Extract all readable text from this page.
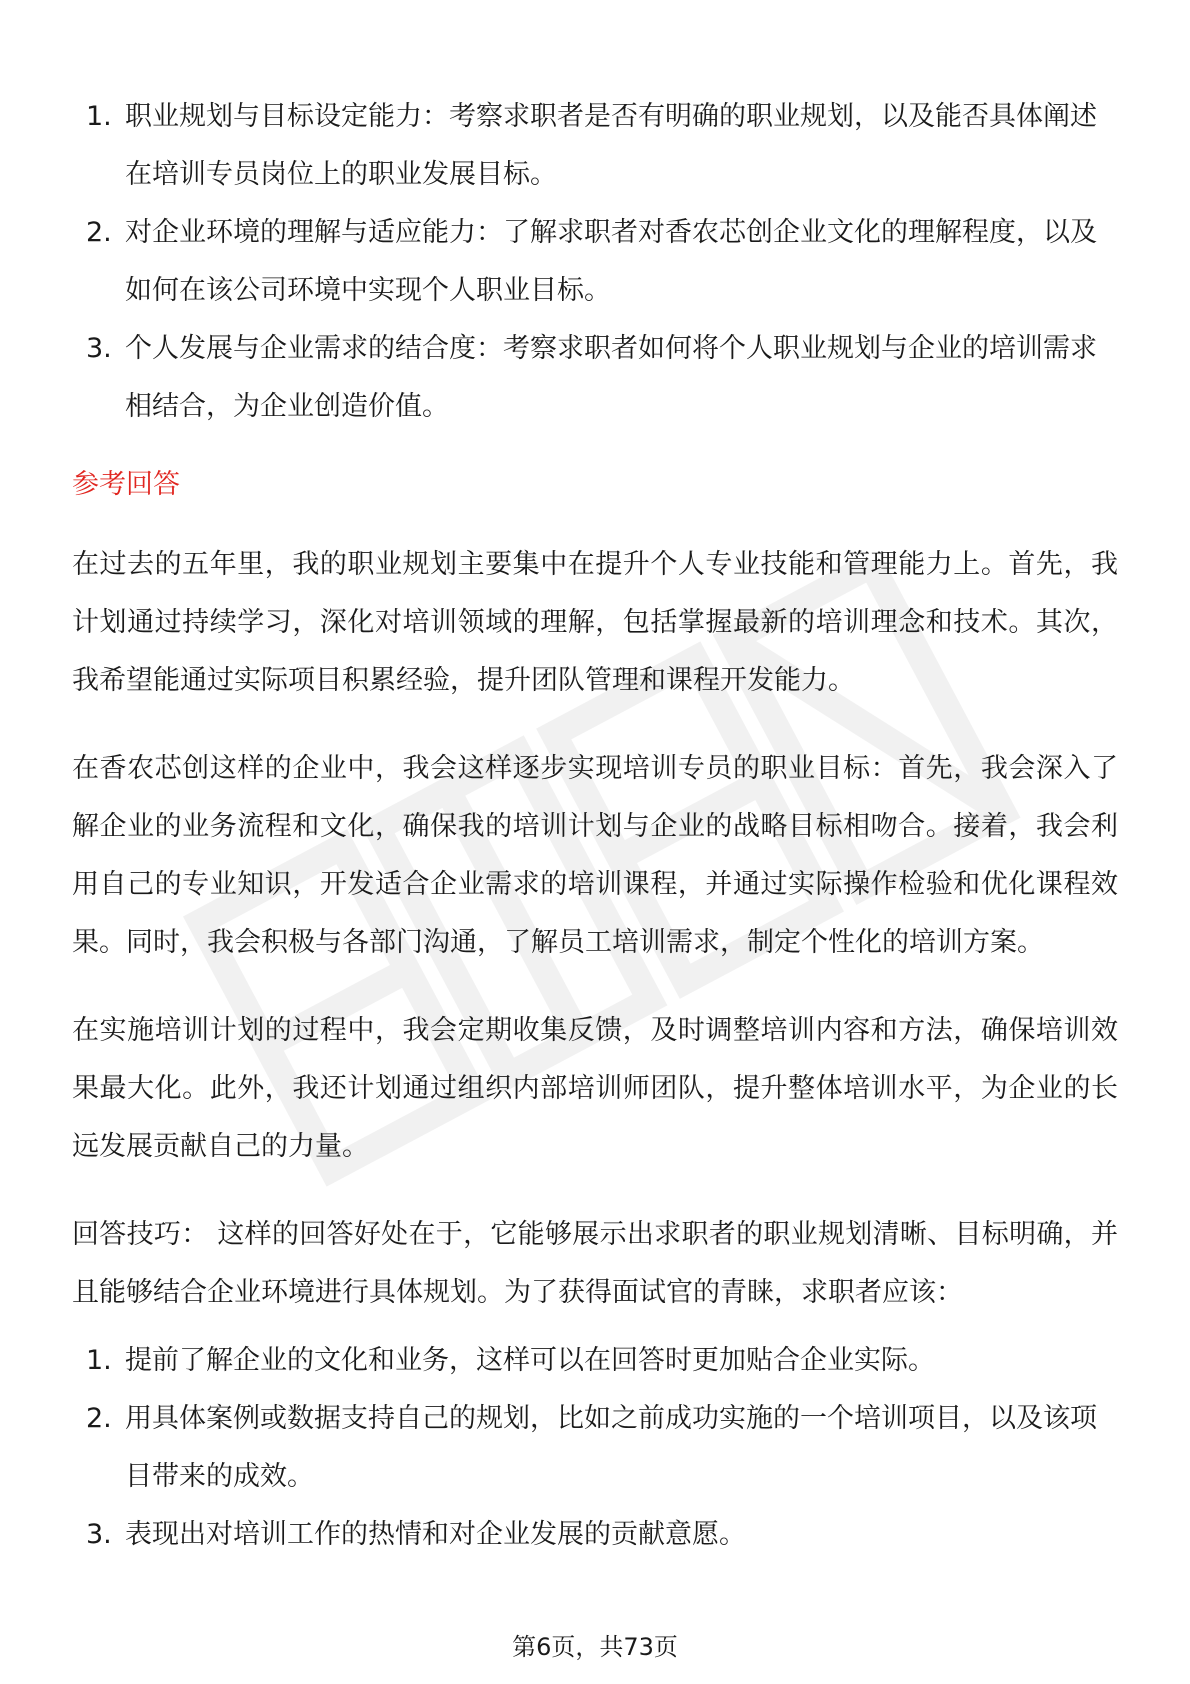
1. 职业规划与目标设定能力：考察求职者是否有明确的职业规划，以及能否具体阐述在培训专员岗位上的职业发展目标。
2. 对企业环境的理解与适应能力：了解求职者对香农芯创企业文化的理解程度，以及如何在该公司环境中实现个人职业目标。
3. 个人发展与企业需求的结合度：考察求职者如何将个人职业规划与企业的培训需求相结合，为企业创造价值。
参考回答

在过去的五年里，我的职业规划主要集中在提升个人专业技能和管理能力上。首先，我计划通过持续学习，深化对培训领域的理解，包括掌握最新的培训理念和技术。其次，我希望能通过实际项目积累经验，提升团队管理和课程开发能力。

在香农芯创这样的企业中，我会这样逐步实现培训专员的职业目标：首先，我会深入了解企业的业务流程和文化，确保我的培训计划与企业的战略目标相吻合。接着，我会利用自己的专业知识，开发适合企业需求的培训课程，并通过实际操作检验和优化课程效果。同时，我会积极与各部门沟通，了解员工培训需求，制定个性化的培训方案。

在实施培训计划的过程中，我会定期收集反馈，及时调整培训内容和方法，确保培训效果最大化。此外，我还计划通过组织内部培训师团队，提升整体培训水平，为企业的长远发展贡献自己的力量。

回答技巧： 这样的回答好处在于，它能够展示出求职者的职业规划清晰、目标明确，并且能够结合企业环境进行具体规划。为了获得面试官的青睐，求职者应该：

1. 提前了解企业的文化和业务，这样可以在回答时更加贴合企业实际。
2. 用具体案例或数据支持自己的规划，比如之前成功实施的一个培训项目，以及该项目带来的成效。
3. 表现出对培训工作的热情和对企业发展的贡献意愿。
第6页，共73页
